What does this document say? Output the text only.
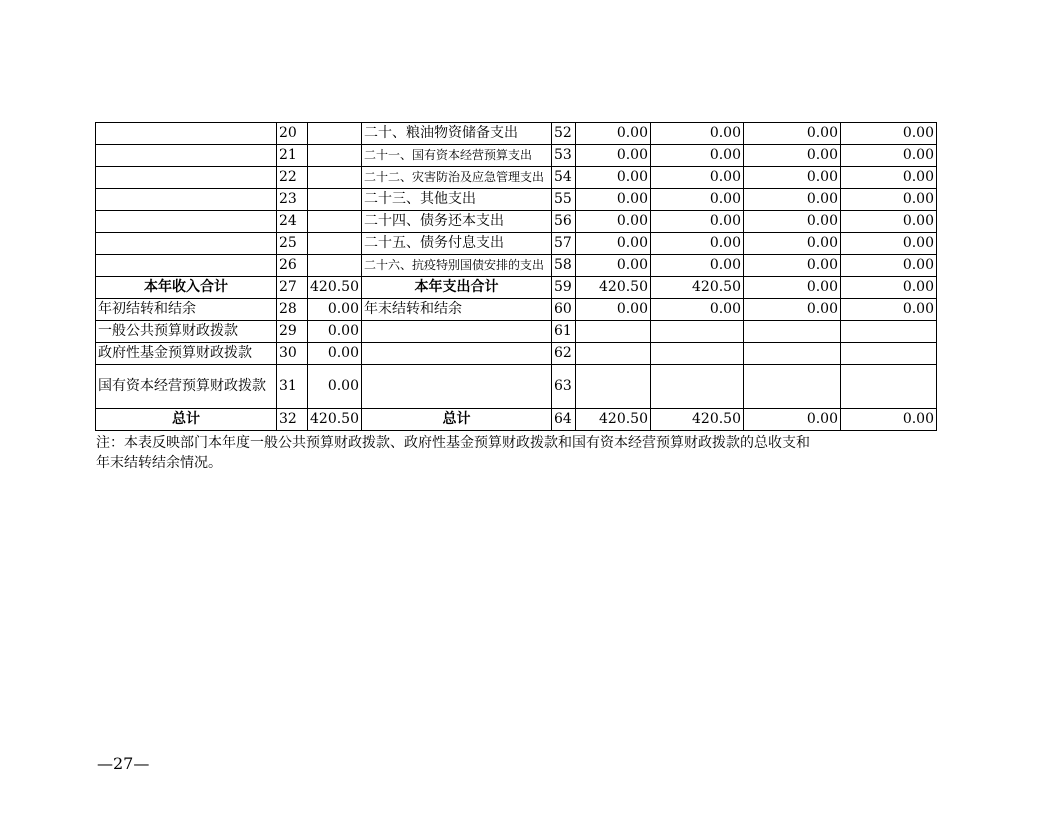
	20		二十、粮油物资储备支出	52	0.00	0.00	0.00	0.00
	21		二十一、国有资本经营预算支出	53	0.00	0.00	0.00	0.00
	22		二十二、灾害防治及应急管理支出	54	0.00	0.00	0.00	0.00
	23		二十三、其他支出	55	0.00	0.00	0.00	0.00
	24		二十四、债务还本支出	56	0.00	0.00	0.00	0.00
	25		二十五、债务付息支出	57	0.00	0.00	0.00	0.00
	26		二十六、抗疫特别国债安排的支出	58	0.00	0.00	0.00	0.00
本年收入合计	27	420.50	本年支出合计	59	420.50	420.50	0.00	0.00
年初结转和结余	28	0.00	年末结转和结余	60	0.00	0.00	0.00	0.00
一般公共预算财政拨款	29	0.00		61				
政府性基金预算财政拨款	30	0.00		62				
国有资本经营预算财政拨款	31	0.00		63				
总计	32	420.50	总计	64	420.50	420.50	0.00	0.00
注：本表反映部门本年度一般公共预算财政拨款、政府性基金预算财政拨款和国有资本经营预算财政拨款的总收支和
年末结转结余情况。
—27—
